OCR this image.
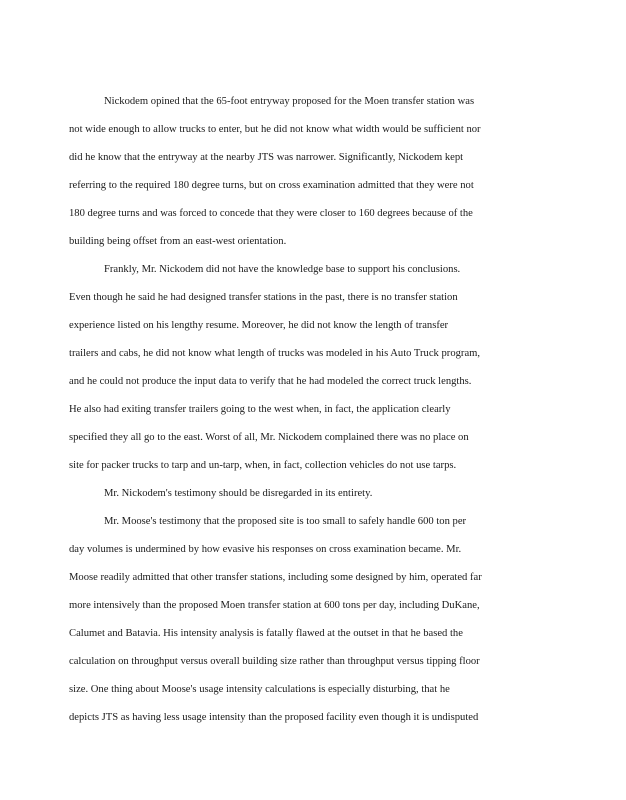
Nickodem opined that the 65-foot entryway proposed for the Moen transfer station was
not wide enough to allow trucks to enter, but he did not know what width would be sufficient nor
did he know that the entryway at the nearby JTS was narrower. Significantly, Nickodem kept
referring to the required 180 degree turns, but on cross examination admitted that they were not
180 degree turns and was forced to concede that they were closer to 160 degrees because of the
building being offset from an east-west orientation.
Frankly, Mr. Nickodem did not have the knowledge base to support his conclusions.
Even though he said he had designed transfer stations in the past, there is no transfer station
experience listed on his lengthy resume. Moreover, he did not know the length of transfer
trailers and cabs, he did not know what length of trucks was modeled in his Auto Truck program,
and he could not produce the input data to verify that he had modeled the correct truck lengths.
He also had exiting transfer trailers going to the west when, in fact, the application clearly
specified they all go to the east. Worst of all, Mr. Nickodem complained there was no place on
site for packer trucks to tarp and un-tarp, when, in fact, collection vehicles do not use tarps.
Mr. Nickodem's testimony should be disregarded in its entirety.
Mr. Moose's testimony that the proposed site is too small to safely handle 600 ton per
day volumes is undermined by how evasive his responses on cross examination became. Mr.
Moose readily admitted that other transfer stations, including some designed by him, operated far
more intensively than the proposed Moen transfer station at 600 tons per day, including DuKane,
Calumet and Batavia. His intensity analysis is fatally flawed at the outset in that he based the
calculation on throughput versus overall building size rather than throughput versus tipping floor
size. One thing about Moose's usage intensity calculations is especially disturbing, that he
depicts JTS as having less usage intensity than the proposed facility even though it is undisputed
